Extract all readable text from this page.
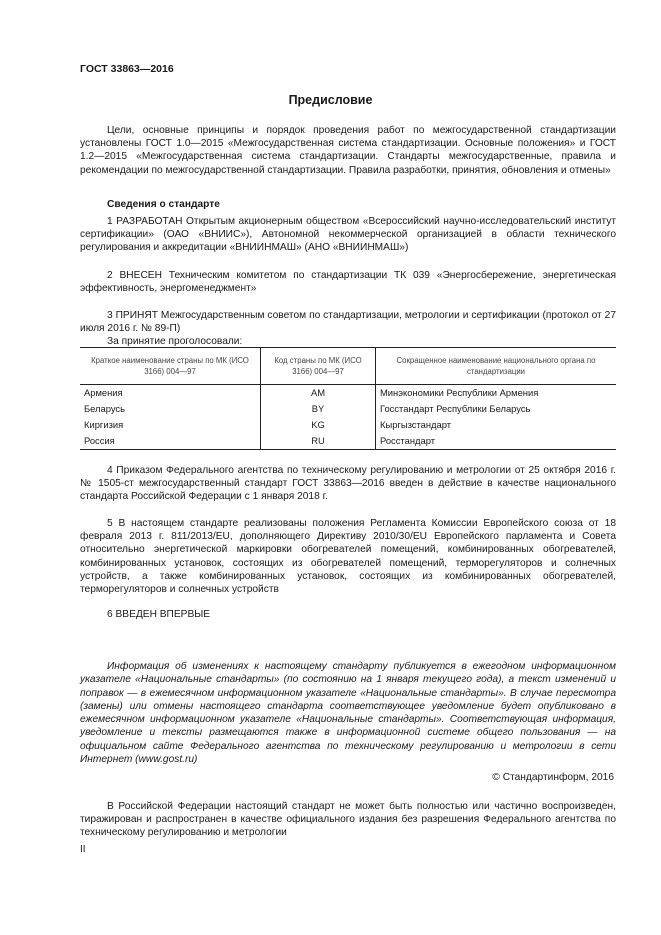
ГОСТ 33863—2016
Предисловие

Цели, основные принципы и порядок проведения работ по межгосударственной стандартизации установлены ГОСТ 1.0—2015 «Межгосударственная система стандартизации. Основные положения» и ГОСТ 1.2—2015 «Межгосударственная система стандартизации. Стандарты межгосударственные, правила и рекомендации по межгосударственной стандартизации. Правила разработки, принятия, обновления и отмены»

Сведения о стандарте

1 РАЗРАБОТАН Открытым акционерным обществом «Всероссийский научно-исследовательский институт сертификации» (ОАО «ВНИИС»), Автономной некоммерческой организацией в области технического регулирования и аккредитации «ВНИИНМАШ» (АНО «ВНИИНМАШ»)

2 ВНЕСЕН Техническим комитетом по стандартизации ТК 039 «Энергосбережение, энергетическая эффективность, энергоменеджмент»

3 ПРИНЯТ Межгосударственным советом по стандартизации, метрологии и сертификации (протокол от 27 июля 2016 г. № 89-П)

За принятие проголосовали:
Краткое наименование страны по МК (ИСО 3166) 004—97	Код страны по МК (ИСО 3166) 004—97	Сокращенное наименование национального органа по стандартизации
Армения	AM	Минэкономики Республики Армения
Беларусь	BY	Госстандарт Республики Беларусь
Киргизия	KG	Кыргызстандарт
Россия	RU	Росстандарт

4 Приказом Федерального агентства по техническому регулированию и метрологии от 25 октября 2016 г. № 1505-ст межгосударственный стандарт ГОСТ 33863—2016 введен в действие в качестве национального стандарта Российской Федерации с 1 января 2018 г.

5 В настоящем стандарте реализованы положения Регламента Комиссии Европейского союза от 18 февраля 2013 г. 811/2013/EU, дополняющего Директиву 2010/30/EU Европейского парламента и Совета относительно энергетической маркировки обогревателей помещений, комбинированных обогревателей, комбинированных установок, состоящих из обогревателей помещений, терморегуляторов и солнечных устройств, а также комбинированных установок, состоящих из комбинированных обогревателей, терморегуляторов и солнечных устройств

6 ВВЕДЕН ВПЕРВЫЕ

Информация об изменениях к настоящему стандарту публикуется в ежегодном информационном указателе «Национальные стандарты» (по состоянию на 1 января текущего года), а текст изменений и поправок — в ежемесячном информационном указателе «Национальные стандарты». В случае пересмотра (замены) или отмены настоящего стандарта соответствующее уведомление будет опубликовано в ежемесячном информационном указателе «Национальные стандарты». Соответствующая информация, уведомление и тексты размещаются также в информационной системе общего пользования — на официальном сайте Федерального агентства по техническому регулированию и метрологии в сети Интернет (www.gost.ru)

© Стандартинформ, 2016

В Российской Федерации настоящий стандарт не может быть полностью или частично воспроизведен, тиражирован и распространен в качестве официального издания без разрешения Федерального агентства по техническому регулированию и метрологии

II
